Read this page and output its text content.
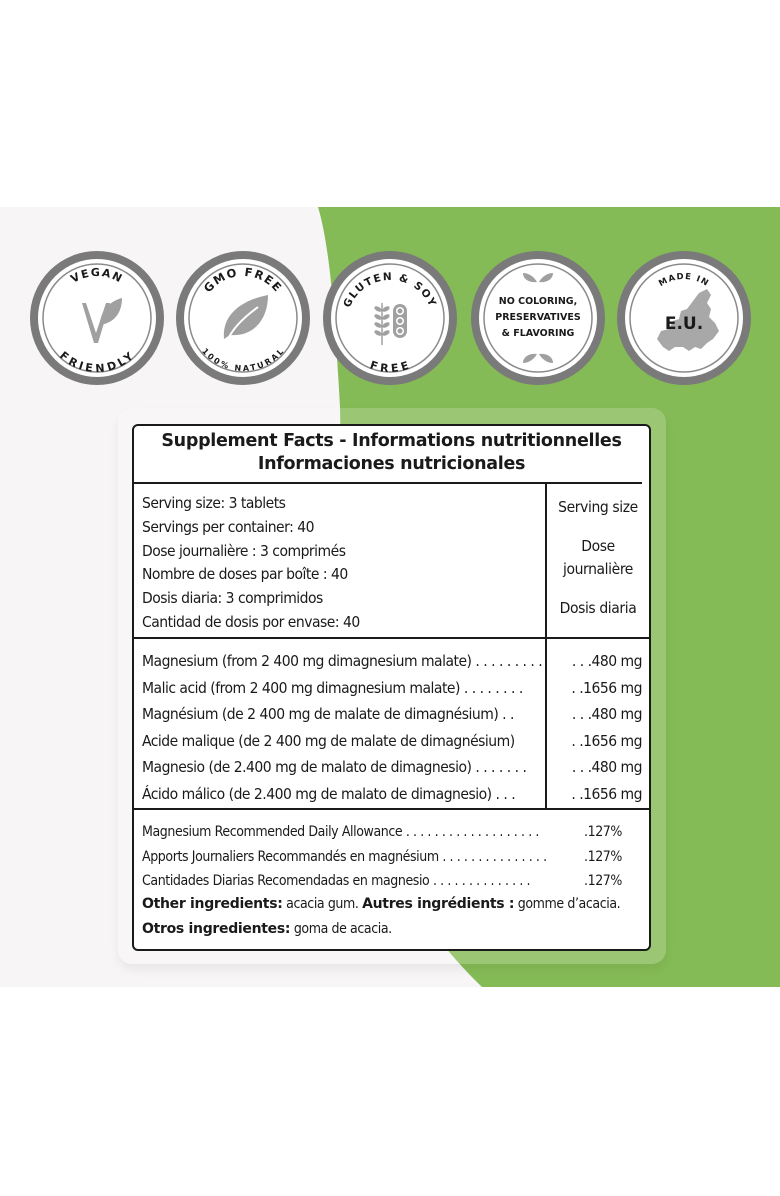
VEGAN
FRIENDLY
GMO FREE
100% NATURAL
GLUTEN & SOY
FREE
NO COLORING,
PRESERVATIVES
& FLAVORING
MADE IN
E.U.
Supplement Facts - Informations nutritionnelles
Informaciones nutricionales
Serving size: 3 tablets
Servings per container: 40
Dose journalière : 3 comprimés
Nombre de doses par boîte : 40
Dosis diaria: 3 comprimidos
Cantidad de dosis por envase: 40
Serving size
Dose
journalière
Dosis diaria
Magnesium (from 2 400 mg dimagnesium malate) . . . . . . . . . . . .480 mg
Malic acid (from 2 400 mg dimagnesium malate) . . . . . . . .	. .1656 mg
Magnésium (de 2 400 mg de malate de dimagnésium) . .	. . .480 mg
Acide malique (de 2 400 mg de malate de dimagnésium)	. .1656 mg
Magnesio (de 2.400 mg de malato de dimagnesio) . . . . . . .	. . .480 mg
Ácido málico (de 2.400 mg de malato de dimagnesio) . . .	. .1656 mg
Magnesium Recommended Daily Allowance . . . . . . . . . . . . . . . . . . .	.127%
Apports Journaliers Recommandés en magnésium . . . . . . . . . . . . . . .	.127%
Cantidades Diarias Recomendadas en magnesio . . . . . . . . . . . . . .	.127%
Other ingredients: acacia gum. Autres ingrédients : gomme d’acacia.
Otros ingredientes: goma de acacia.
